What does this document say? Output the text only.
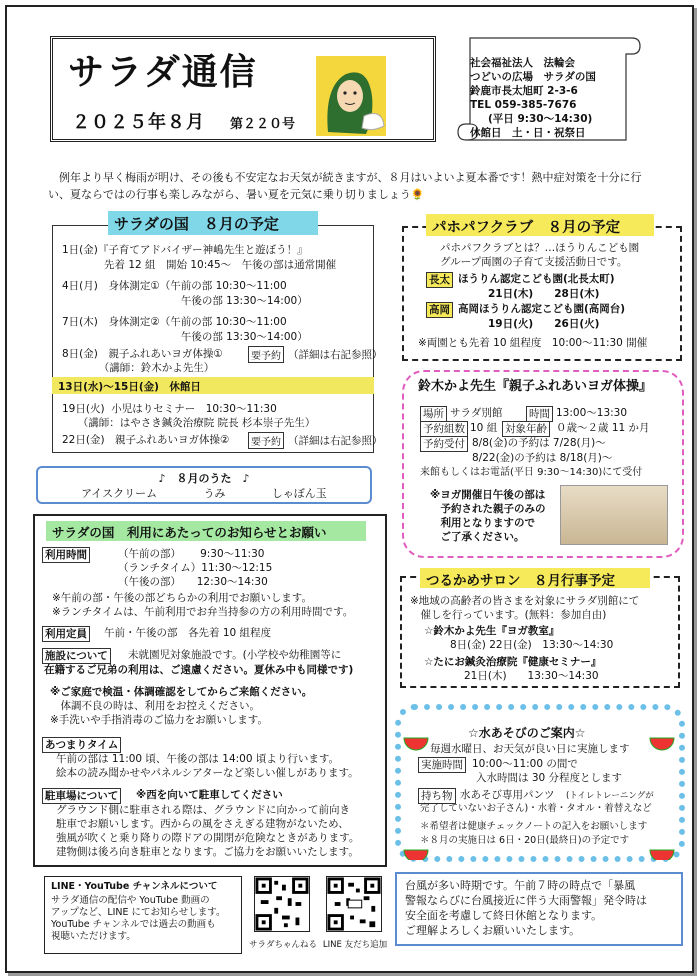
サラダ通信
２０２５年８月 第２２０号
社会福祉法人　法輪会
つどいの広場　サラダの国
鈴鹿市長太旭町 2-3-6
TEL 059-385-7676
(平日 9:30～14:30)
休館日　土・日・祝祭日
例年より早く梅雨が明け、その後も不安定なお天気が続きますが、８月はいよいよ夏本番です！熱中症対策を十分に行い、夏ならではの行事も楽しみながら、暑い夏を元気に乗り切りましょう🌻
サラダの国　８月の予定
1日(金)『子育てアドバイザー神嶋先生と遊ぼう！』
　　　　先着 12 組　開始 10:45～　午後の部は通常開催
4日(月)　身体測定①（午前の部 10:30～11:00
　　　　　　　　　　　 午後の部 13:30～14:00）
7日(木)　身体測定②（午前の部 10:30～11:00
　　　　　　　　　　　 午後の部 13:30～14:00）
8日(金)　親子ふれあいヨガ体操①	要予約 （詳細は右記参照）
　　　　（講師：鈴木かよ先生）
13日(水)～15日(金)　休館日
19日(火)  小児はりセミナー　10:30～11:30
　　（講師：はやさき鍼灸治療院 院長 杉本崇子先生）
22日(金)　親子ふれあいヨガ体操②	要予約 （詳細は右記参照）
♪　８月のうた　♪
アイスクリーム	うみ	しゃぼん玉
サラダの国　利用にあたってのお知らせとお願い
利用時間	（午前の部）　　 9:30～11:30
（ランチタイム）11:30～12:15
（午後の部）　　12:30～14:30
※午前の部・午後の部どちらかの利用でお願いします。
※ランチタイムは、午前利用でお弁当持参の方の利用時間です。
利用定員 午前・午後の部　各先着 10 組程度
施設について 未就園児対象施設です。(小学校や幼稚園等に
在籍するご兄弟の利用は、ご遠慮ください。夏休み中も同様です)
※ご家庭で検温・体調確認をしてからご来館ください。
　体調不良の時は、利用をお控えください。
※手洗いや手指消毒のご協力をお願いします。
あつまりタイム
午前の部は 11:00 頃、午後の部は 14:00 頃より行います。
絵本の読み聞かせやパネルシアターなど楽しい催しがあります。
駐車場について ※西を向いて駐車してください
グラウンド側に駐車される際は、グラウンドに向かって前向き
駐車でお願いします。西からの風をさえぎる建物がないため、
強風が吹くと乗り降りの際ドアの開閉が危険なときがあります。
建物側は後ろ向き駐車となります。ご協力をお願いいたします。
パホパフクラブ　８月の予定
パホパフクラブとは？…ほうりんこども園
グループ両園の子育て支援活動日です。
長太 ほうりん認定こども園(北長太町)
21日(木)　　28日(木)
高岡 高岡ほうりん認定こども園(高岡台)
19日(火)　　26日(火)
※両園とも先着 10 組程度　10:00～11:30 開催
鈴木かよ先生『親子ふれあいヨガ体操』
場所 サラダ別館	時間 13:00～13:30
予約組数 10 組 対象年齢 ０歳～２歳 11 か月
予約受付 8/8(金)の予約は 7/28(月)～
8/22(金)の予約は 8/18(月)～
来館もしくはお電話(平日 9:30～14:30)にて受付
※ヨガ開催日午後の部は
　予約された親子のみの
　利用となりますので
　ご了承ください。
つるかめサロン　８月行事予定
※地域の高齢者の皆さまを対象にサラダ別館にて
　催しを行っています。(無料：参加自由)
☆鈴木かよ先生『ヨガ教室』
8日(金) 22日(金)　13:30～14:30
☆たにお鍼灸治療院『健康セミナー』
21日(木)　　13:30～14:30
☆水あそびのご案内☆
毎週水曜日、お天気が良い日に実施します
実施時間 10:00～11:00 の間で
入水時間は 30 分程度とします
持ち物 水あそび専用パンツ (トイレトレーニングが
完了していないお子さん)・水着・タオル・着替えなど
＊希望者は健康チェックノートの記入をお願いします
＊８月の実施日は 6日・20日(最終日)の予定です
LINE・YouTube チャンネルについて
サラダ通信の配信や YouTube 動画の
アップなど、LINE にてお知らせします。
YouTube チャンネルでは過去の動画も
視聴いただけます。
サラダちゃんねる LINE 友だち追加
台風が多い時期です。午前７時の時点で「暴風
警報ならびに台風接近に伴う大雨警報」発令時は
安全面を考慮して終日休館となります。
ご理解よろしくお願いいたします。
